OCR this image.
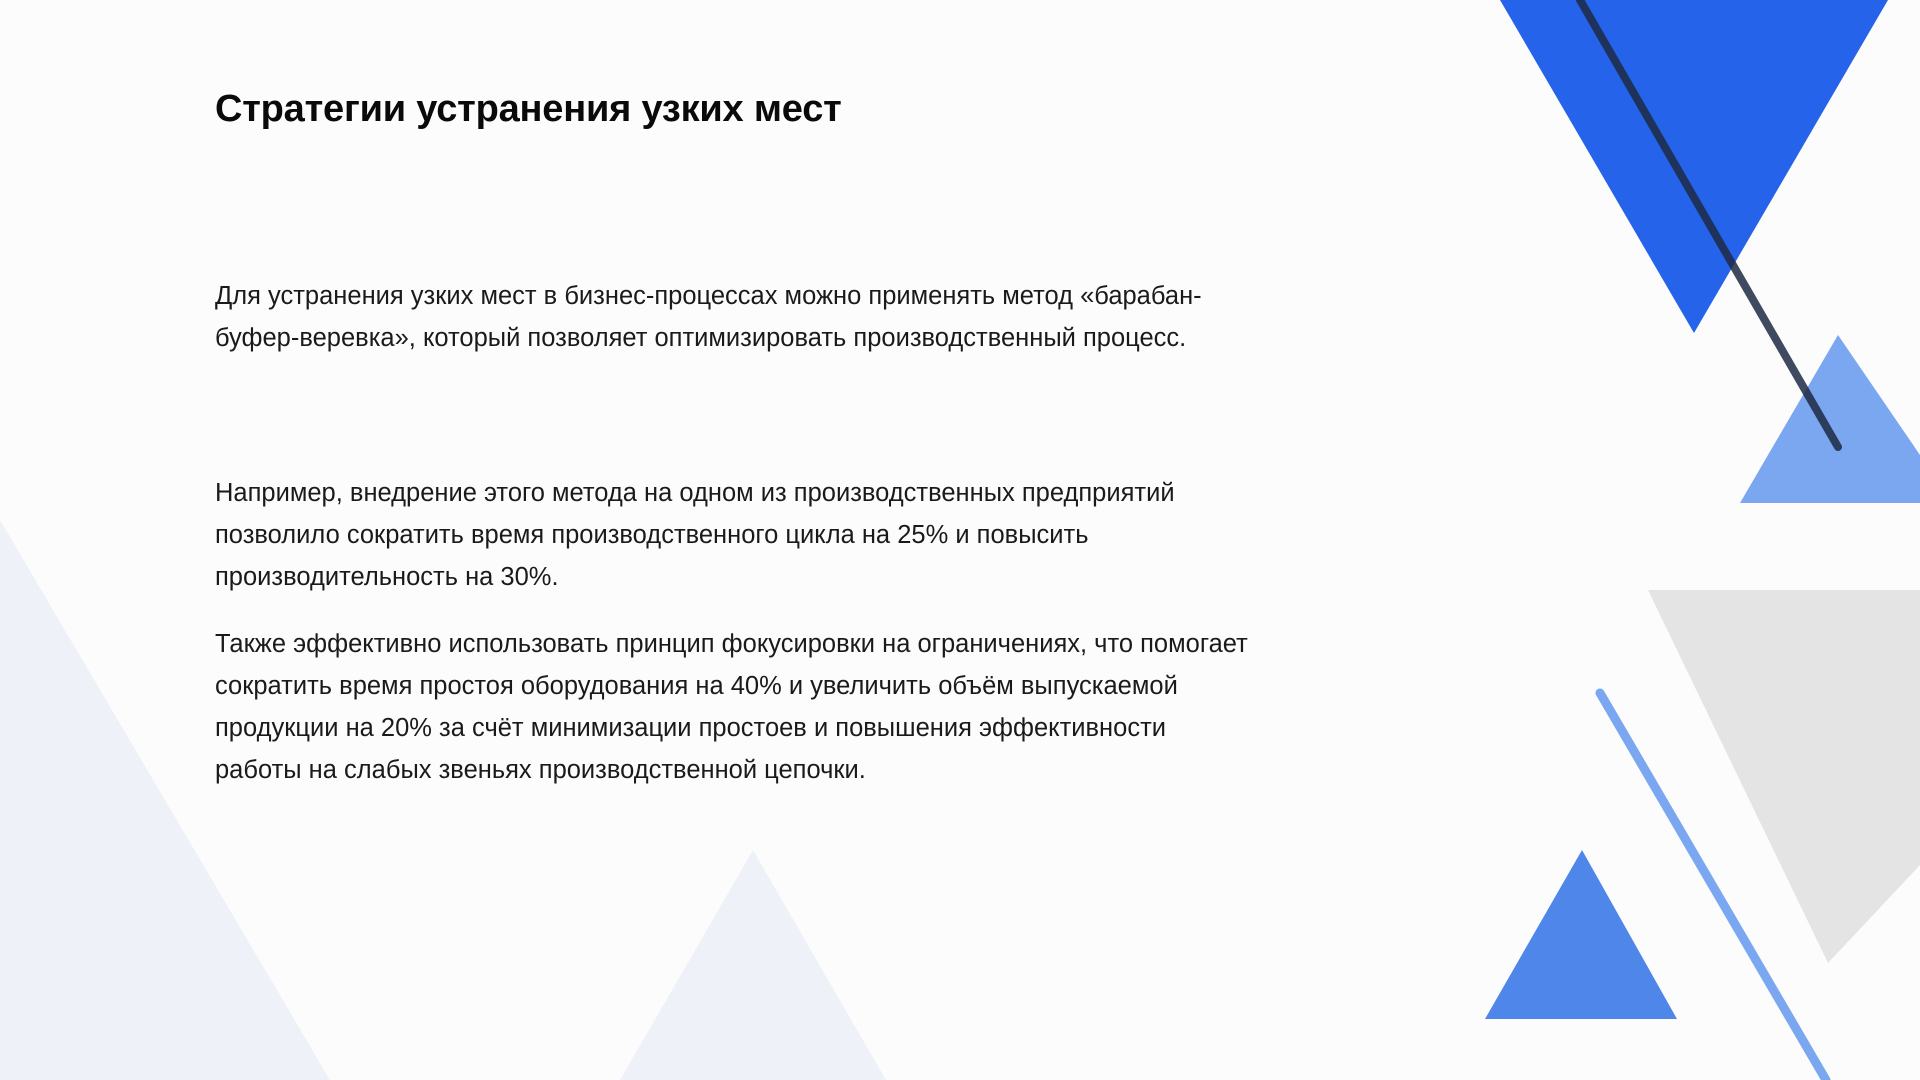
Стратегии устранения узких мест

Для устранения узких мест в бизнес-процессах можно применять метод «барабан-буфер-веревка», который позволяет оптимизировать производственный процесс.

Например, внедрение этого метода на одном из производственных предприятий позволило сократить время производственного цикла на 25% и повысить производительность на 30%.

Также эффективно использовать принцип фокусировки на ограничениях, что помогает сократить время простоя оборудования на 40% и увеличить объём выпускаемой продукции на 20% за счёт минимизации простоев и повышения эффективности работы на слабых звеньях производственной цепочки.
